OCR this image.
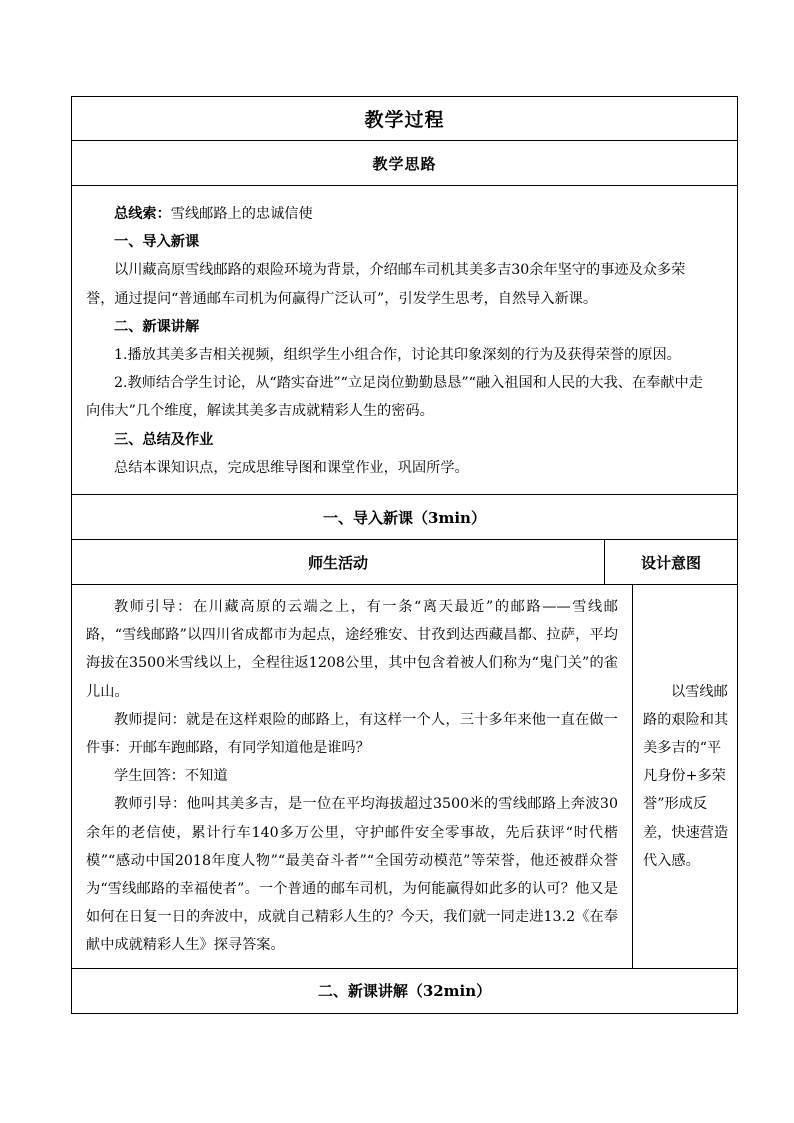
教学过程
教学思路

总线索：雪线邮路上的忠诚信使

一、导入新课

以川藏高原雪线邮路的艰险环境为背景，介绍邮车司机其美多吉30余年坚守的事迹及众多荣誉，通过提问“普通邮车司机为何赢得广泛认可”，引发学生思考，自然导入新课。

二、新课讲解

1.播放其美多吉相关视频，组织学生小组合作，讨论其印象深刻的行为及获得荣誉的原因。

2.教师结合学生讨论，从“踏实奋进”“立足岗位勤勤恳恳”“融入祖国和人民的大我、在奉献中走向伟大”几个维度，解读其美多吉成就精彩人生的密码。

三、总结及作业

总结本课知识点，完成思维导图和课堂作业，巩固所学。

一、导入新课（3min）
师生活动	设计意图

教师引导：在川藏高原的云端之上，有一条“离天最近”的邮路——雪线邮路，“雪线邮路”以四川省成都市为起点，途经雅安、甘孜到达西藏昌都、拉萨，平均海拔在3500米雪线以上，全程往返1208公里，其中包含着被人们称为“鬼门关”的雀儿山。

教师提问：就是在这样艰险的邮路上，有这样一个人，三十多年来他一直在做一件事：开邮车跑邮路，有同学知道他是谁吗？

学生回答：不知道

教师引导：他叫其美多吉，是一位在平均海拔超过3500米的雪线邮路上奔波30余年的老信使，累计行车140多万公里，守护邮件安全零事故，先后获评“时代楷模”“感动中国2018年度人物”“最美奋斗者”“全国劳动模范”等荣誉，他还被群众誉为“雪线邮路的幸福使者”。一个普通的邮车司机，为何能赢得如此多的认可？他又是如何在日复一日的奔波中，成就自己精彩人生的？今天，我们就一同走进13.2《在奉献中成就精彩人生》探寻答案。

以雪线邮路的艰险和其美多吉的“平凡身份+多荣誉”形成反差，快速营造代入感。
二、新课讲解（32min）
